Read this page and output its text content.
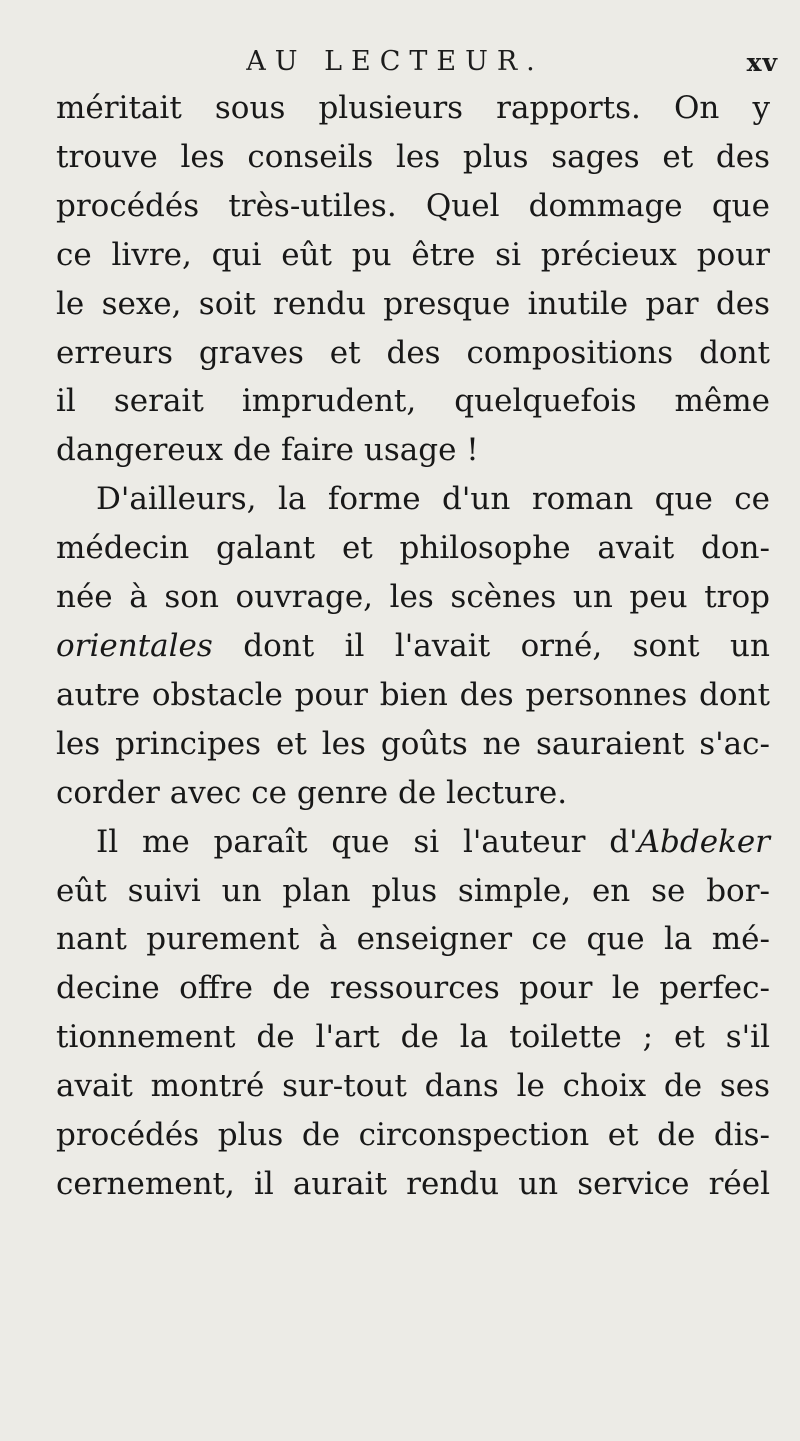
AU LECTEUR.	xv
méritait sous plusieurs rapports. On y
trouve les conseils les plus sages et des
procédés très-utiles. Quel dommage que
ce livre, qui eût pu être si précieux pour
le sexe, soit rendu presque inutile par des
erreurs graves et des compositions dont
il serait imprudent, quelquefois même
dangereux de faire usage !
D'ailleurs, la forme d'un roman que ce
médecin galant et philosophe avait don-
née à son ouvrage, les scènes un peu trop
orientales dont il l'avait orné, sont un
autre obstacle pour bien des personnes dont
les principes et les goûts ne sauraient s'ac-
corder avec ce genre de lecture.
Il me paraît que si l'auteur d'Abdeker
eût suivi un plan plus simple, en se bor-
nant purement à enseigner ce que la mé-
decine offre de ressources pour le perfec-
tionnement de l'art de la toilette ; et s'il
avait montré sur-tout dans le choix de ses
procédés plus de circonspection et de dis-
cernement, il aurait rendu un service réel
